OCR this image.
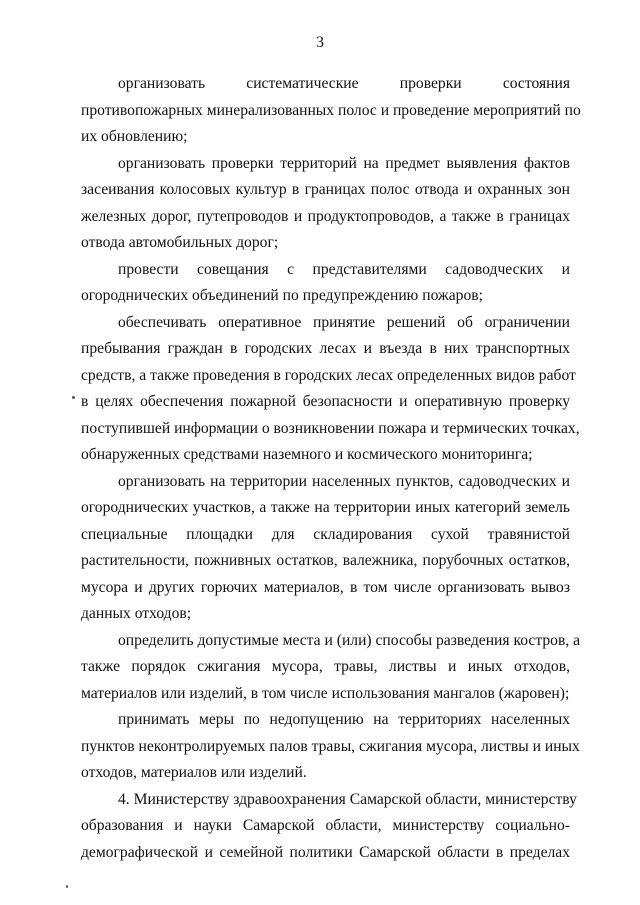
3
организовать систематические проверки состояния
противопожарных минерализованных полос и проведение мероприятий по
их обновлению;
организовать проверки территорий на предмет выявления фактов
засеивания колосовых культур в границах полос отвода и охранных зон
железных дорог, путепроводов и продуктопроводов, а также в границах
отвода автомобильных дорог;
провести совещания с представителями садоводческих и
огороднических объединений по предупреждению пожаров;
обеспечивать оперативное принятие решений об ограничении
пребывания граждан в городских лесах и въезда в них транспортных
средств, а также проведения в городских лесах определенных видов работ
в целях обеспечения пожарной безопасности и оперативную проверку
поступившей информации о возникновении пожара и термических точках,
обнаруженных средствами наземного и космического мониторинга;
организовать на территории населенных пунктов, садоводческих и
огороднических участков, а также на территории иных категорий земель
специальные площадки для складирования сухой травянистой
растительности, пожнивных остатков, валежника, порубочных остатков,
мусора и других горючих материалов, в том числе организовать вывоз
данных отходов;
определить допустимые места и (или) способы разведения костров, а
также порядок сжигания мусора, травы, листвы и иных отходов,
материалов или изделий, в том числе использования мангалов (жаровен);
принимать меры по недопущению на территориях населенных
пунктов неконтролируемых палов травы, сжигания мусора, листвы и иных
отходов, материалов или изделий.
4. Министерству здравоохранения Самарской области, министерству
образования и науки Самарской области, министерству социально-
демографической и семейной политики Самарской области в пределах
